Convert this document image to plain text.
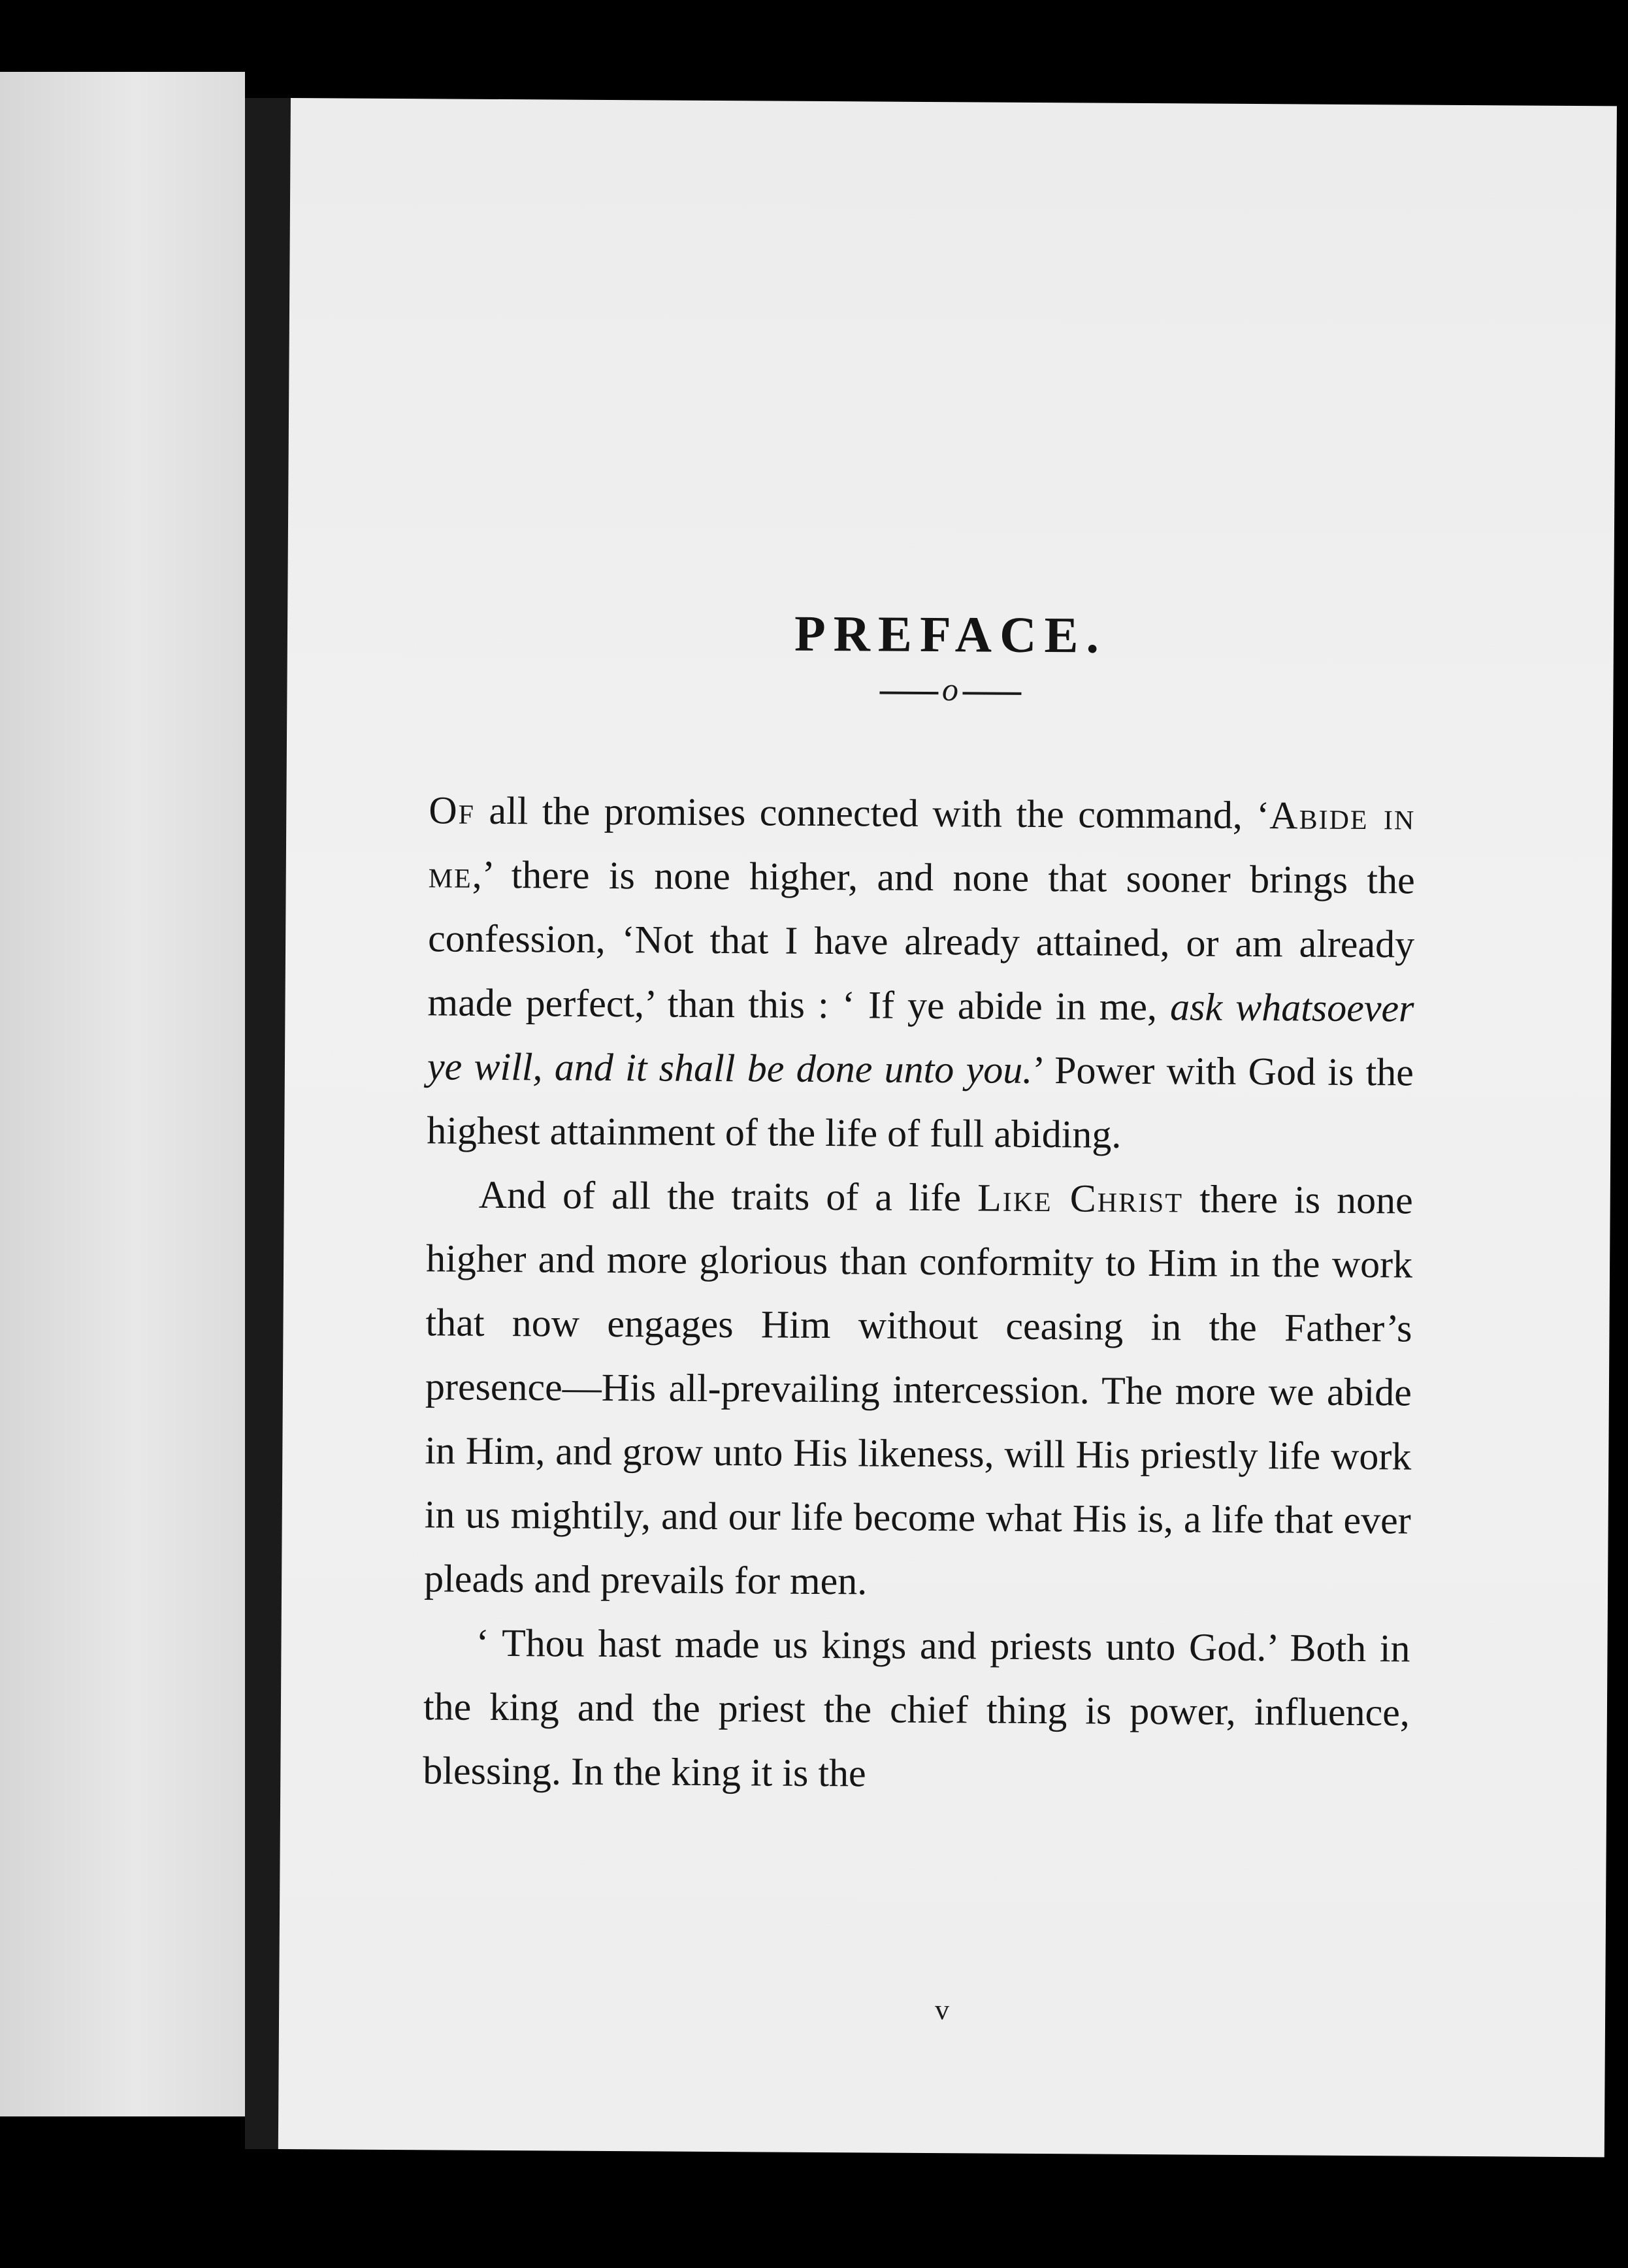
PREFACE.
o

Of all the promises connected with the command, ‘Abide in me,’ there is none higher, and none that sooner brings the confession, ‘Not that I have already attained, or am already made perfect,’ than this : ‘ If ye abide in me, ask whatsoever ye will, and it shall be done unto you.’ Power with God is the highest attainment of the life of full abiding.

And of all the traits of a life Like Christ there is none higher and more glorious than conformity to Him in the work that now engages Him without ceasing in the Father’s presence—His all-prevailing intercession. The more we abide in Him, and grow unto His likeness, will His priestly life work in us mightily, and our life become what His is, a life that ever pleads and prevails for men.

‘ Thou hast made us kings and priests unto God.’ Both in the king and the priest the chief thing is power, influence, blessing. In the king it is the

v
